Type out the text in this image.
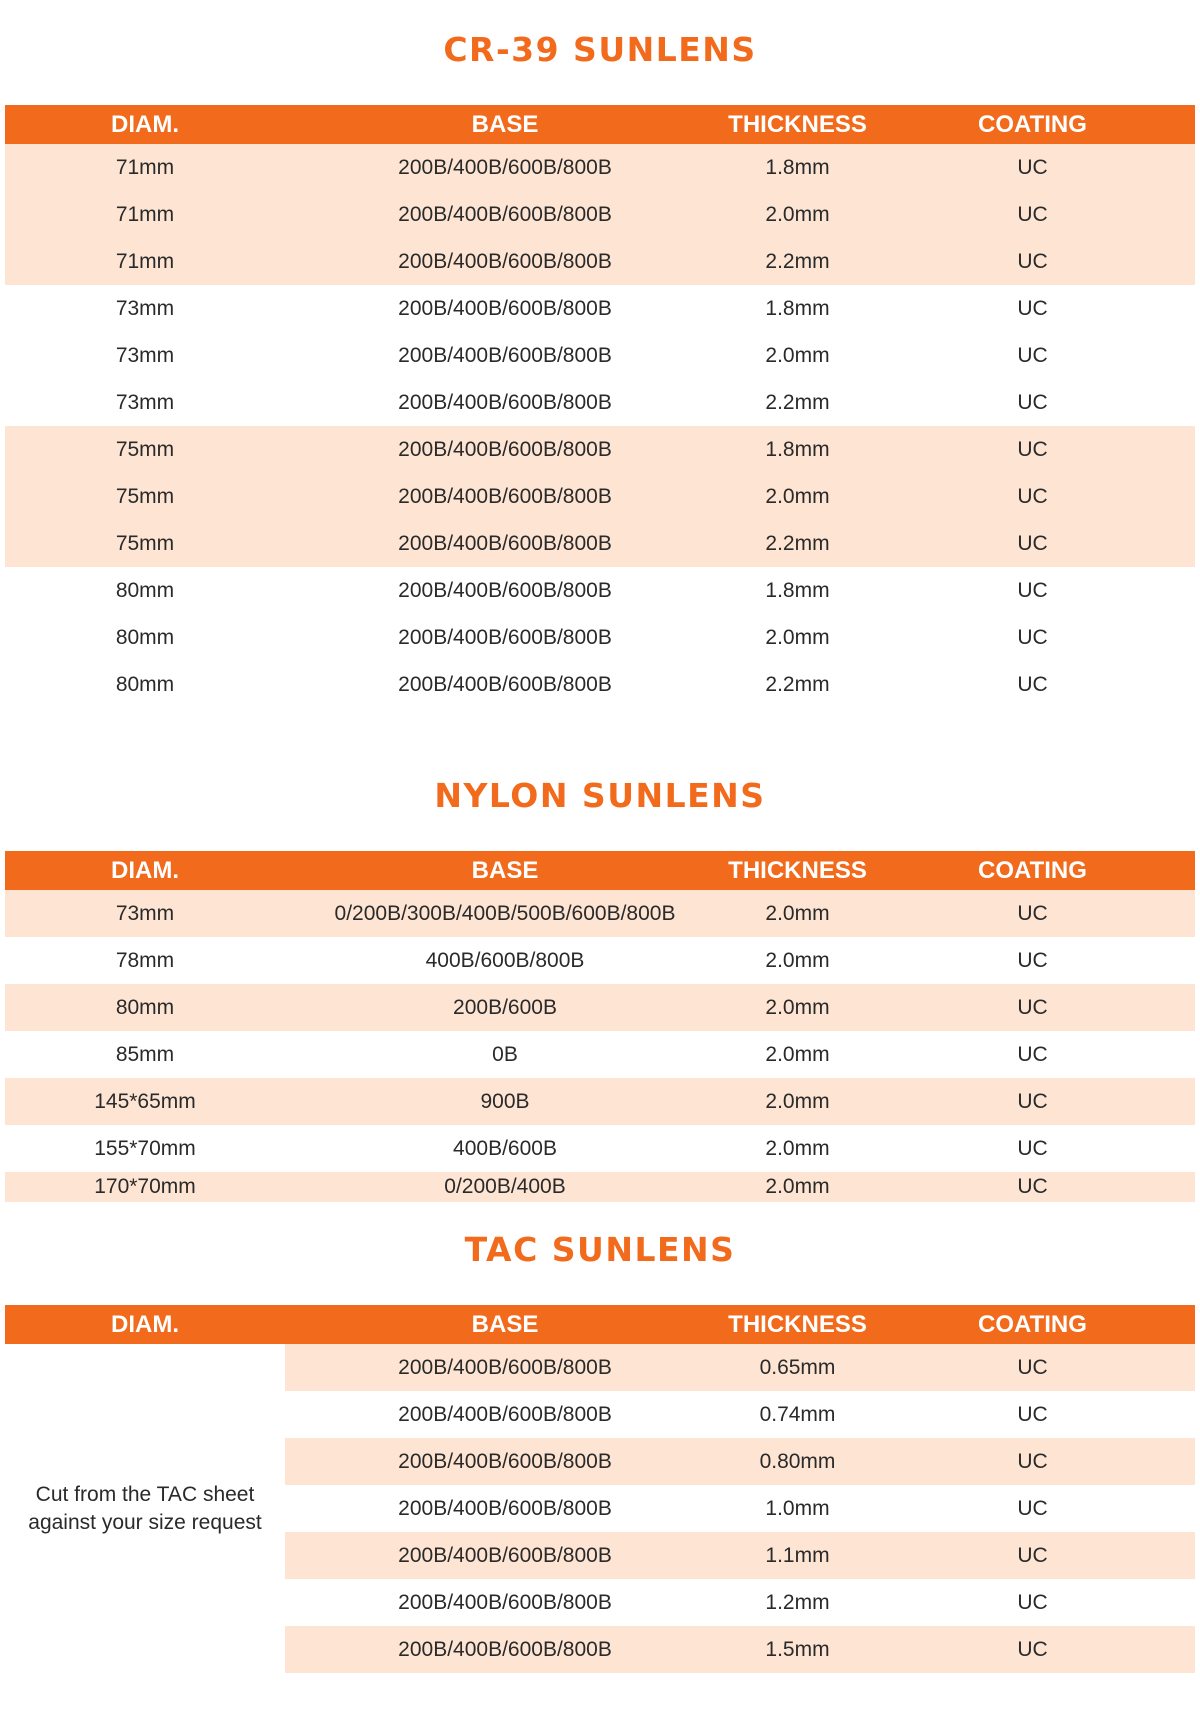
CR-39 SUNLENS
DIAM.	BASE	THICKNESS	COATING
71mm	200B/400B/600B/800B	1.8mm	UC
71mm	200B/400B/600B/800B	2.0mm	UC
71mm	200B/400B/600B/800B	2.2mm	UC
73mm	200B/400B/600B/800B	1.8mm	UC
73mm	200B/400B/600B/800B	2.0mm	UC
73mm	200B/400B/600B/800B	2.2mm	UC
75mm	200B/400B/600B/800B	1.8mm	UC
75mm	200B/400B/600B/800B	2.0mm	UC
75mm	200B/400B/600B/800B	2.2mm	UC
80mm	200B/400B/600B/800B	1.8mm	UC
80mm	200B/400B/600B/800B	2.0mm	UC
80mm	200B/400B/600B/800B	2.2mm	UC
NYLON SUNLENS
DIAM.	BASE	THICKNESS	COATING
73mm	0/200B/300B/400B/500B/600B/800B	2.0mm	UC
78mm	400B/600B/800B	2.0mm	UC
80mm	200B/600B	2.0mm	UC
85mm	0B	2.0mm	UC
145*65mm	900B	2.0mm	UC
155*70mm	400B/600B	2.0mm	UC
170*70mm	0/200B/400B	2.0mm	UC
TAC SUNLENS
DIAM.	BASE	THICKNESS	COATING
Cut from the TAC sheet against your size request	200B/400B/600B/800B	0.65mm	UC
	200B/400B/600B/800B	0.74mm	UC
	200B/400B/600B/800B	0.80mm	UC
	200B/400B/600B/800B	1.0mm	UC
	200B/400B/600B/800B	1.1mm	UC
	200B/400B/600B/800B	1.2mm	UC
	200B/400B/600B/800B	1.5mm	UC
